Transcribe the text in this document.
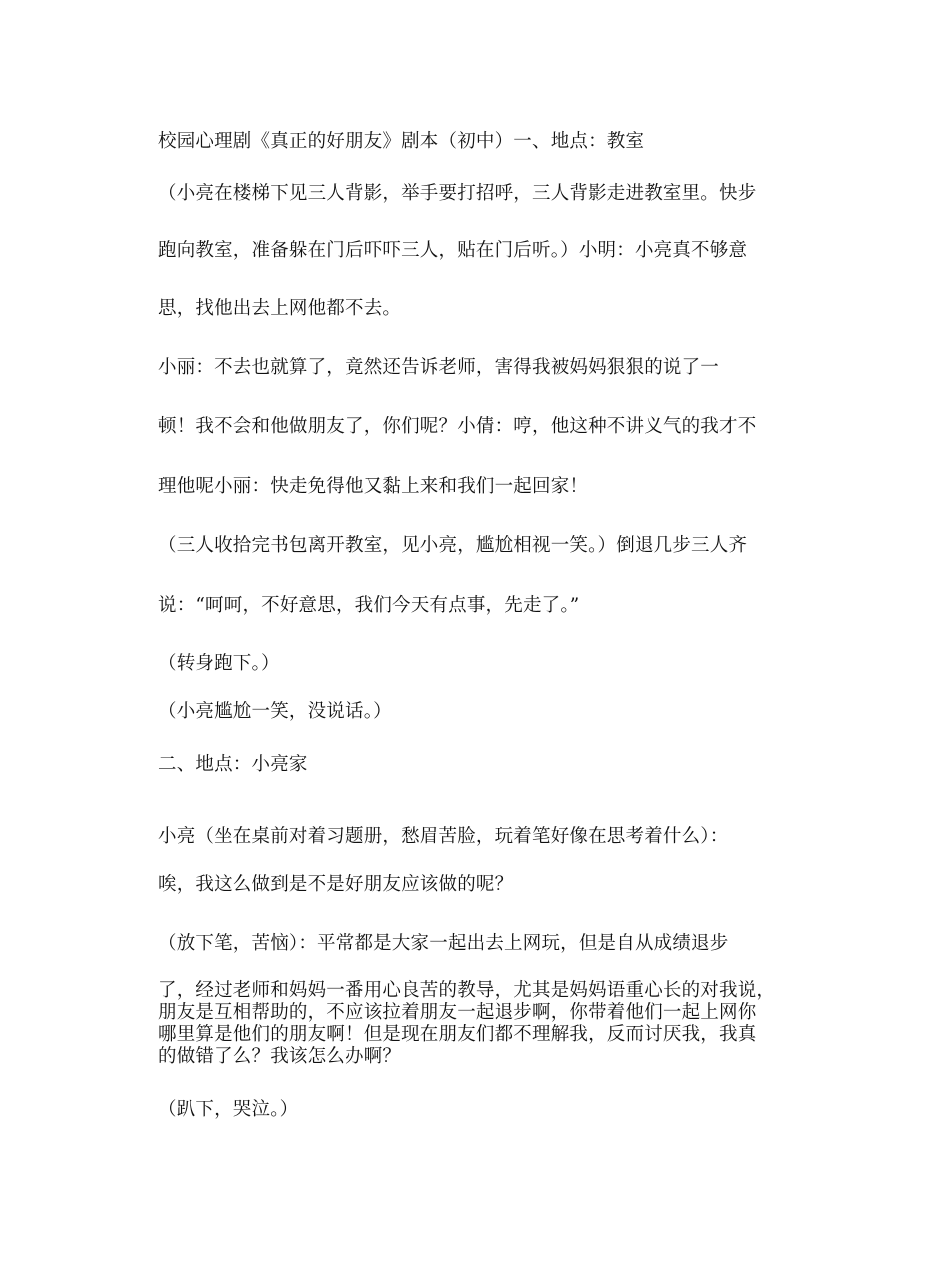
校园心理剧《真正的好朋友》剧本（初中）一、地点：教室
（小亮在楼梯下见三人背影，举手要打招呼，三人背影走进教室里。快步
跑向教室，准备躲在门后吓吓三人，贴在门后听。）小明：小亮真不够意
思，找他出去上网他都不去。
小丽：不去也就算了，竟然还告诉老师，害得我被妈妈狠狠的说了一
顿！我不会和他做朋友了，你们呢？小倩：哼，他这种不讲义气的我才不
理他呢小丽：快走免得他又黏上来和我们一起回家！
（三人收拾完书包离开教室，见小亮，尴尬相视一笑。）倒退几步三人齐
说：“呵呵，不好意思，我们今天有点事，先走了。”
（转身跑下。）
（小亮尴尬一笑，没说话。）
二、地点：小亮家
小亮（坐在桌前对着习题册，愁眉苦脸，玩着笔好像在思考着什么）：
唉，我这么做到是不是好朋友应该做的呢？
（放下笔，苦恼）：平常都是大家一起出去上网玩，但是自从成绩退步
了，经过老师和妈妈一番用心良苦的教导，尤其是妈妈语重心长的对我说，
朋友是互相帮助的，不应该拉着朋友一起退步啊，你带着他们一起上网你
哪里算是他们的朋友啊！但是现在朋友们都不理解我，反而讨厌我，我真
的做错了么？我该怎么办啊？
（趴下，哭泣。）
